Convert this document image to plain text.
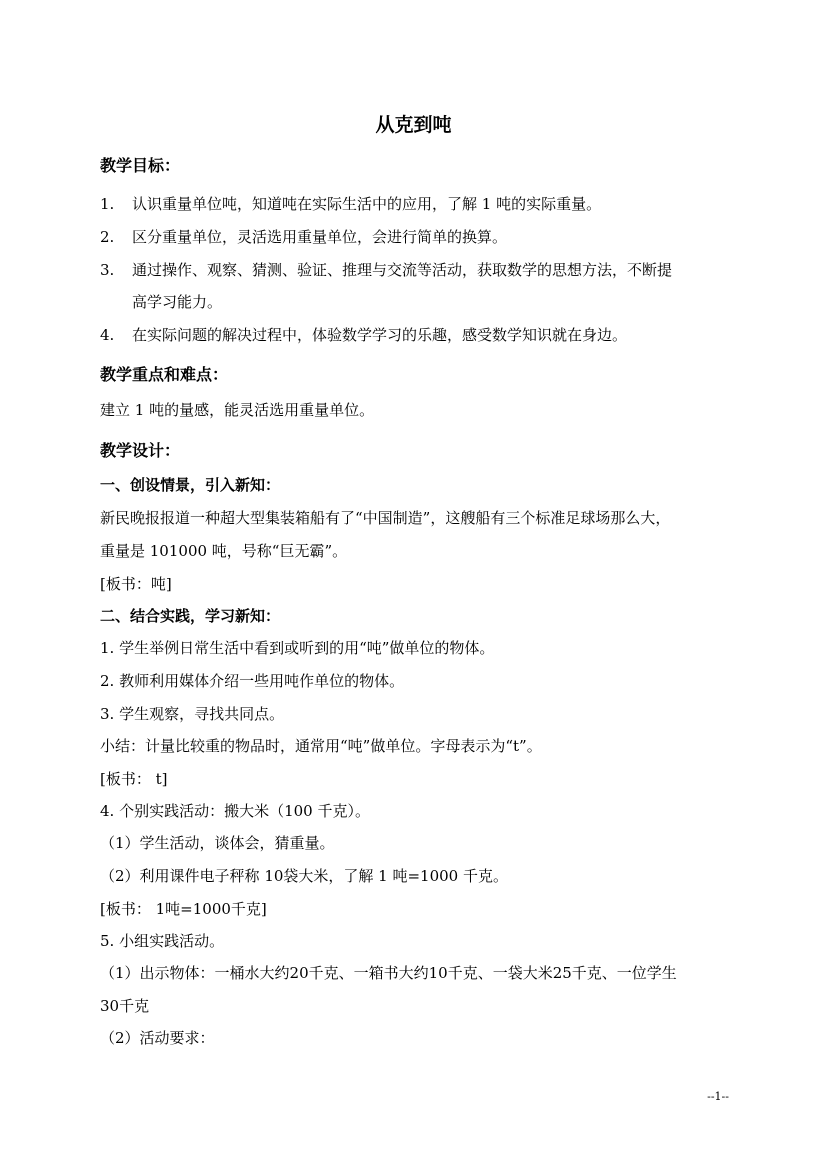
从克到吨
教学目标：
1. 认识重量单位吨，知道吨在实际生活中的应用，了解 1 吨的实际重量。
2. 区分重量单位，灵活选用重量单位，会进行简单的换算。
3. 通过操作、观察、猜测、验证、推理与交流等活动，获取数学的思想方法，不断提
高学习能力。
4. 在实际问题的解决过程中，体验数学学习的乐趣，感受数学知识就在身边。
教学重点和难点：
建立 1 吨的量感，能灵活选用重量单位。
教学设计：
一、创设情景，引入新知：
新民晚报报道一种超大型集装箱船有了“中国制造”，这艘船有三个标准足球场那么大，
重量是 101000 吨，号称“巨无霸”。
[板书：吨]
二、结合实践，学习新知：
1. 学生举例日常生活中看到或听到的用“吨”做单位的物体。
2. 教师利用媒体介绍一些用吨作单位的物体。
3. 学生观察，寻找共同点。
小结：计量比较重的物品时，通常用“吨”做单位。字母表示为“t”。
[板书： t]
4. 个别实践活动：搬大米（100 千克）。
（1）学生活动，谈体会，猜重量。
（2）利用课件电子秤称 10袋大米，了解 1 吨=1000 千克。
[板书： 1吨=1000千克]
5. 小组实践活动。
（1）出示物体：一桶水大约20千克、一箱书大约10千克、一袋大米25千克、一位学生
30千克
（2）活动要求：
--1--
